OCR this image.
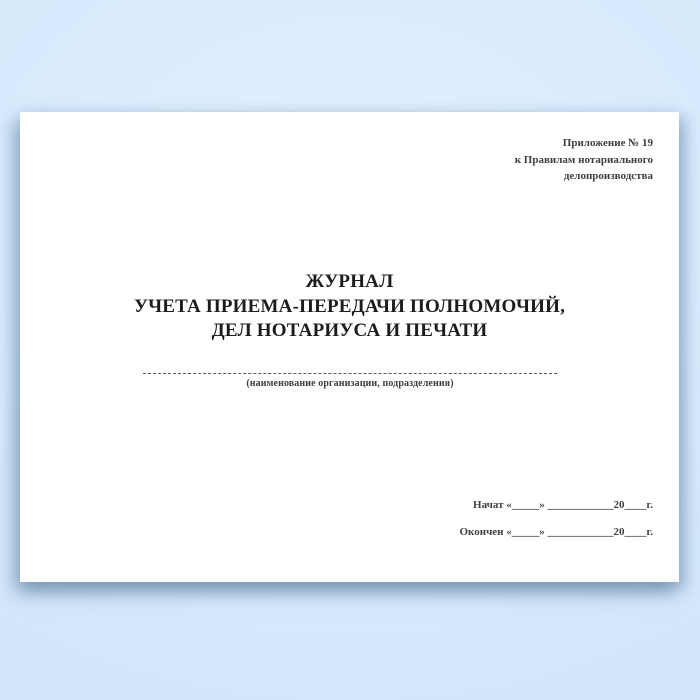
Приложение № 19
к Правилам нотариального
делопроизводства
ЖУРНАЛ
УЧЕТА ПРИЕМА-ПЕРЕДАЧИ ПОЛНОМОЧИЙ,
ДЕЛ НОТАРИУСА И ПЕЧАТИ
(наименование организации, подразделения)
Начат «_____» ____________20____г.
Окончен «_____» ____________20____г.
